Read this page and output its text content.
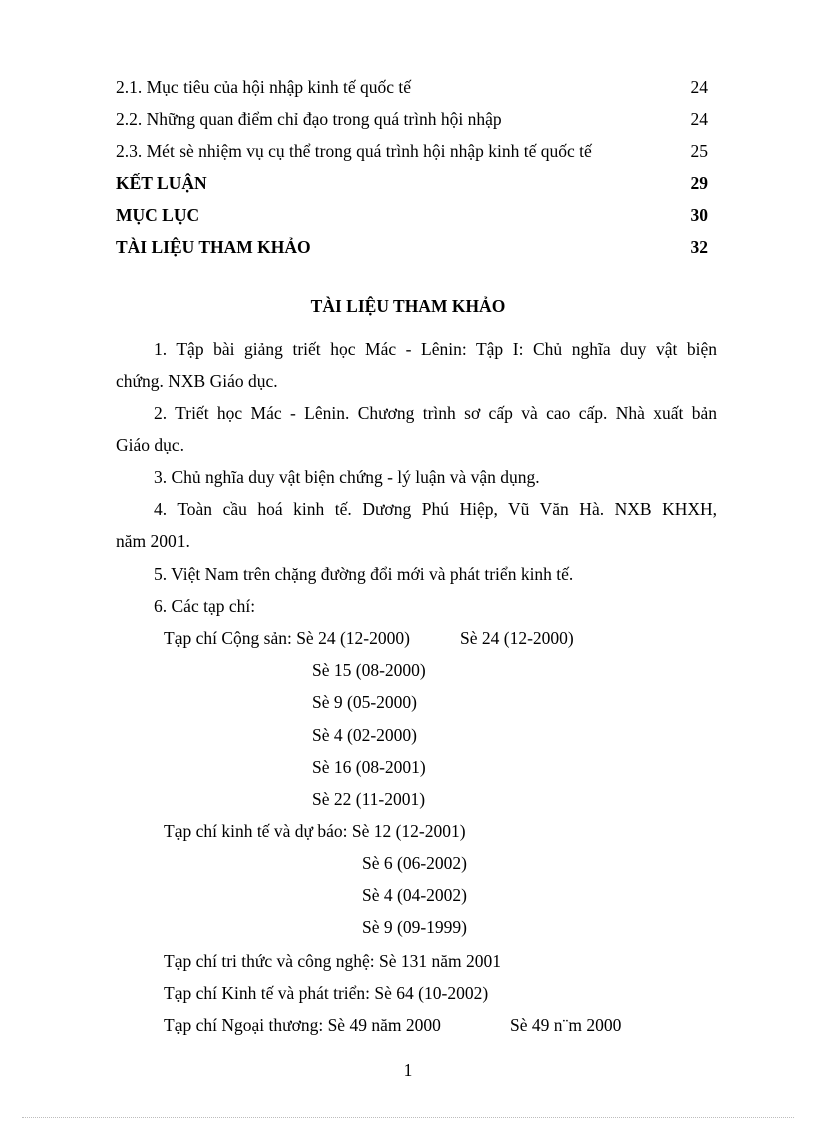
2.1. Mục tiêu của hội nhập kinh tế quốc tế	24
2.2. Những quan điểm chỉ đạo trong quá trình hội nhập	24
2.3. Mét sè nhiệm vụ cụ thể trong quá trình hội nhập kinh tế quốc tế	25
KẾT LUẬN	29
MỤC LỤC	30
TÀI LIỆU THAM KHẢO	32
TÀI LIỆU THAM KHẢO
1. Tập bài giảng triết học Mác - Lênin: Tập I: Chủ nghĩa duy vật biện
chứng. NXB Giáo dục.
2. Triết học Mác - Lênin. Chương trình sơ cấp và cao cấp. Nhà xuất bản
Giáo dục.
3. Chủ nghĩa duy vật biện chứng - lý luận và vận dụng.
4. Toàn cầu hoá kinh tế. Dương Phú Hiệp, Vũ Văn Hà. NXB KHXH,
năm 2001.
5. Việt Nam trên chặng đường đổi mới và phát triển kinh tế.
6. Các tạp chí:
Tạp chí Cộng sản: Sè 24 (12-2000)	Sè 24 (12-2000)
Sè 15 (08-2000)
Sè 9 (05-2000)
Sè 4 (02-2000)
Sè 16 (08-2001)
Sè 22 (11-2001)
Tạp chí kinh tế và dự báo: Sè 12 (12-2001)
Sè 6 (06-2002)
Sè 4 (04-2002)
Sè 9 (09-1999)
Tạp chí tri thức và công nghệ: Sè 131 năm 2001
Tạp chí Kinh tế và phát triển: Sè 64 (10-2002)
Tạp chí Ngoại thương: Sè 49 năm 2000	Sè 49 n¨m 2000
1
